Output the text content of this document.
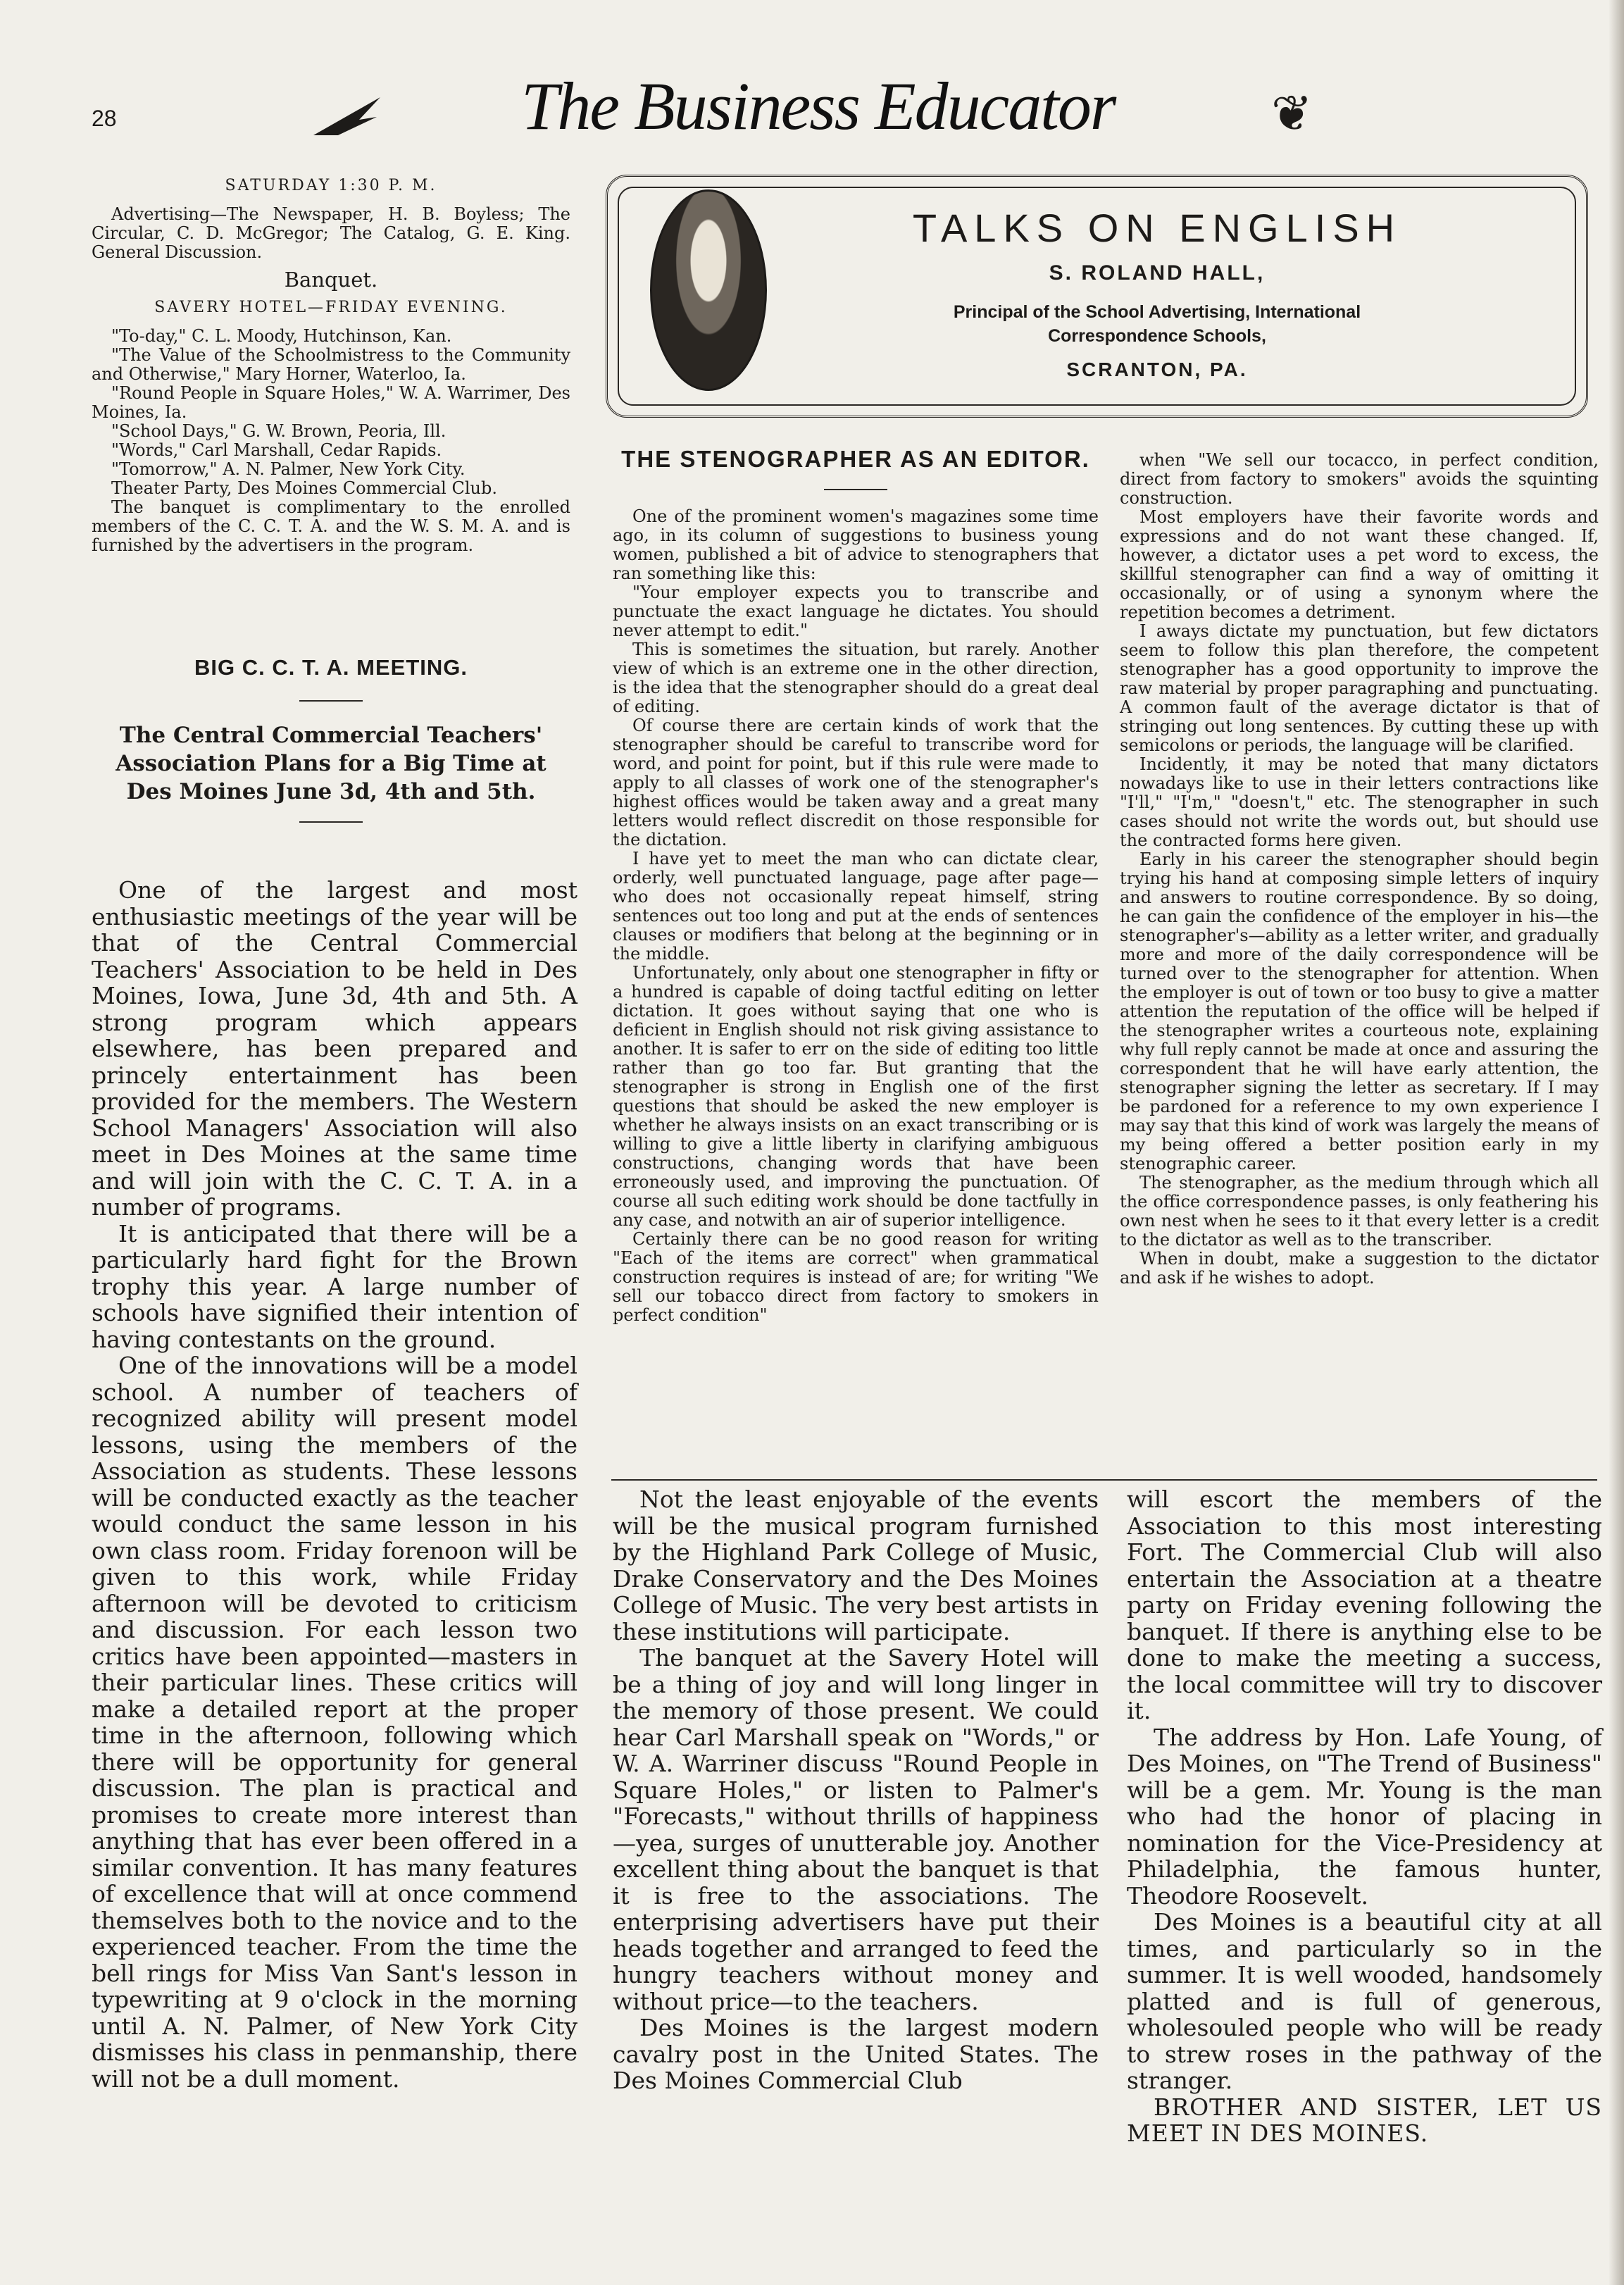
28	The Business Educator	❦
SATURDAY 1:30 P. M.

Advertising—The Newspaper, H. B. Boyless; The Circular, C. D. McGregor; The Catalog, G. E. King. General Discussion.

Banquet.

SAVERY HOTEL—FRIDAY EVENING.

"To-day," C. L. Moody, Hutchinson, Kan.

"The Value of the Schoolmistress to the Community and Otherwise," Mary Horner, Waterloo, Ia.

"Round People in Square Holes," W. A. Warrimer, Des Moines, Ia.

"School Days," G. W. Brown, Peoria, Ill.

"Words," Carl Marshall, Cedar Rapids.

"Tomorrow," A. N. Palmer, New York City.

Theater Party, Des Moines Commercial Club.

The banquet is complimentary to the enrolled members of the C. C. T. A. and the W. S. M. A. and is furnished by the advertisers in the program.

BIG C. C. T. A. MEETING.
The Central Commercial Teachers' Association Plans for a Big Time at Des Moines June 3d, 4th and 5th.

One of the largest and most enthusiastic meetings of the year will be that of the Central Commercial Teachers' Association to be held in Des Moines, Iowa, June 3d, 4th and 5th. A strong program which appears elsewhere, has been prepared and princely entertainment has been provided for the members. The Western School Managers' Association will also meet in Des Moines at the same time and will join with the C. C. T. A. in a number of programs.

It is anticipated that there will be a particularly hard fight for the Brown trophy this year. A large number of schools have signified their intention of having contestants on the ground.

One of the innovations will be a model school. A number of teachers of recognized ability will present model lessons, using the members of the Association as students. These lessons will be conducted exactly as the teacher would conduct the same lesson in his own class room. Friday forenoon will be given to this work, while Friday afternoon will be devoted to criticism and discussion. For each lesson two critics have been appointed—masters in their particular lines. These critics will make a detailed report at the proper time in the afternoon, following which there will be opportunity for general discussion. The plan is practical and promises to create more interest than anything that has ever been offered in a similar convention. It has many features of excellence that will at once commend themselves both to the novice and to the experienced teacher. From the time the bell rings for Miss Van Sant's lesson in typewriting at 9 o'clock in the morning until A. N. Palmer, of New York City dismisses his class in penmanship, there will not be a dull moment.

TALKS ON ENGLISH
S. ROLAND HALL,
Principal of the School Advertising, International
Correspondence Schools,
SCRANTON, PA.
THE STENOGRAPHER AS AN EDITOR.

One of the prominent women's magazines some time ago, in its column of suggestions to business young women, published a bit of advice to stenographers that ran something like this:

"Your employer expects you to transcribe and punctuate the exact language he dictates. You should never attempt to edit."

This is sometimes the situation, but rarely. Another view of which is an extreme one in the other direction, is the idea that the stenographer should do a great deal of editing.

Of course there are certain kinds of work that the stenographer should be careful to transcribe word for word, and point for point, but if this rule were made to apply to all classes of work one of the stenographer's highest offices would be taken away and a great many letters would reflect discredit on those responsible for the dictation.

I have yet to meet the man who can dictate clear, orderly, well punctuated language, page after page—who does not occasionally repeat himself, string sentences out too long and put at the ends of sentences clauses or modifiers that belong at the beginning or in the middle.

Unfortunately, only about one stenographer in fifty or a hundred is capable of doing tactful editing on letter dictation. It goes without saying that one who is deficient in English should not risk giving assistance to another. It is safer to err on the side of editing too little rather than go too far. But granting that the stenographer is strong in English one of the first questions that should be asked the new employer is whether he always insists on an exact transcribing or is willing to give a little liberty in clarifying ambiguous constructions, changing words that have been erroneously used, and improving the punctuation. Of course all such editing work should be done tactfully in any case, and notwith an air of superior intelligence.

Certainly there can be no good reason for writing "Each of the items are correct" when grammatical construction requires is instead of are; for writing "We sell our tobacco direct from factory to smokers in perfect condition"

when "We sell our tocacco, in perfect condition, direct from factory to smokers" avoids the squinting construction.

Most employers have their favorite words and expressions and do not want these changed. If, however, a dictator uses a pet word to excess, the skillful stenographer can find a way of omitting it occasionally, or of using a synonym where the repetition becomes a detriment.

I aways dictate my punctuation, but few dictators seem to follow this plan therefore, the competent stenographer has a good opportunity to improve the raw material by proper paragraphing and punctuating. A common fault of the average dictator is that of stringing out long sentences. By cutting these up with semicolons or periods, the language will be clarified.

Incidently, it may be noted that many dictators nowadays like to use in their letters contractions like "I'll," "I'm," "doesn't," etc. The stenographer in such cases should not write the words out, but should use the contracted forms here given.

Early in his career the stenographer should begin trying his hand at composing simple letters of inquiry and answers to routine correspondence. By so doing, he can gain the confidence of the employer in his—the stenographer's—ability as a letter writer, and gradually more and more of the daily correspondence will be turned over to the stenographer for attention. When the employer is out of town or too busy to give a matter attention the reputation of the office will be helped if the stenographer writes a courteous note, explaining why full reply cannot be made at once and assuring the correspondent that he will have early attention, the stenographer signing the letter as secretary. If I may be pardoned for a reference to my own experience I may say that this kind of work was largely the means of my being offered a better position early in my stenographic career.

The stenographer, as the medium through which all the office correspondence passes, is only feathering his own nest when he sees to it that every letter is a credit to the dictator as well as to the transcriber.

When in doubt, make a suggestion to the dictator and ask if he wishes to adopt.

Not the least enjoyable of the events will be the musical program furnished by the Highland Park College of Music, Drake Conservatory and the Des Moines College of Music. The very best artists in these institutions will participate.

The banquet at the Savery Hotel will be a thing of joy and will long linger in the memory of those present. We could hear Carl Marshall speak on "Words," or W. A. Warriner discuss "Round People in Square Holes," or listen to Palmer's "Forecasts," without thrills of happiness—yea, surges of unutterable joy. Another excellent thing about the banquet is that it is free to the associations. The enterprising advertisers have put their heads together and arranged to feed the hungry teachers without money and without price—to the teachers.

Des Moines is the largest modern cavalry post in the United States. The Des Moines Commercial Club

will escort the members of the Association to this most interesting Fort. The Commercial Club will also entertain the Association at a theatre party on Friday evening following the banquet. If there is anything else to be done to make the meeting a success, the local committee will try to discover it.

The address by Hon. Lafe Young, of Des Moines, on "The Trend of Business" will be a gem. Mr. Young is the man who had the honor of placing in nomination for the Vice-Presidency at Philadelphia, the famous hunter, Theodore Roosevelt.

Des Moines is a beautiful city at all times, and particularly so in the summer. It is well wooded, handsomely platted and is full of generous, wholesouled people who will be ready to strew roses in the pathway of the stranger.

BROTHER AND SISTER, LET US MEET IN DES MOINES.
